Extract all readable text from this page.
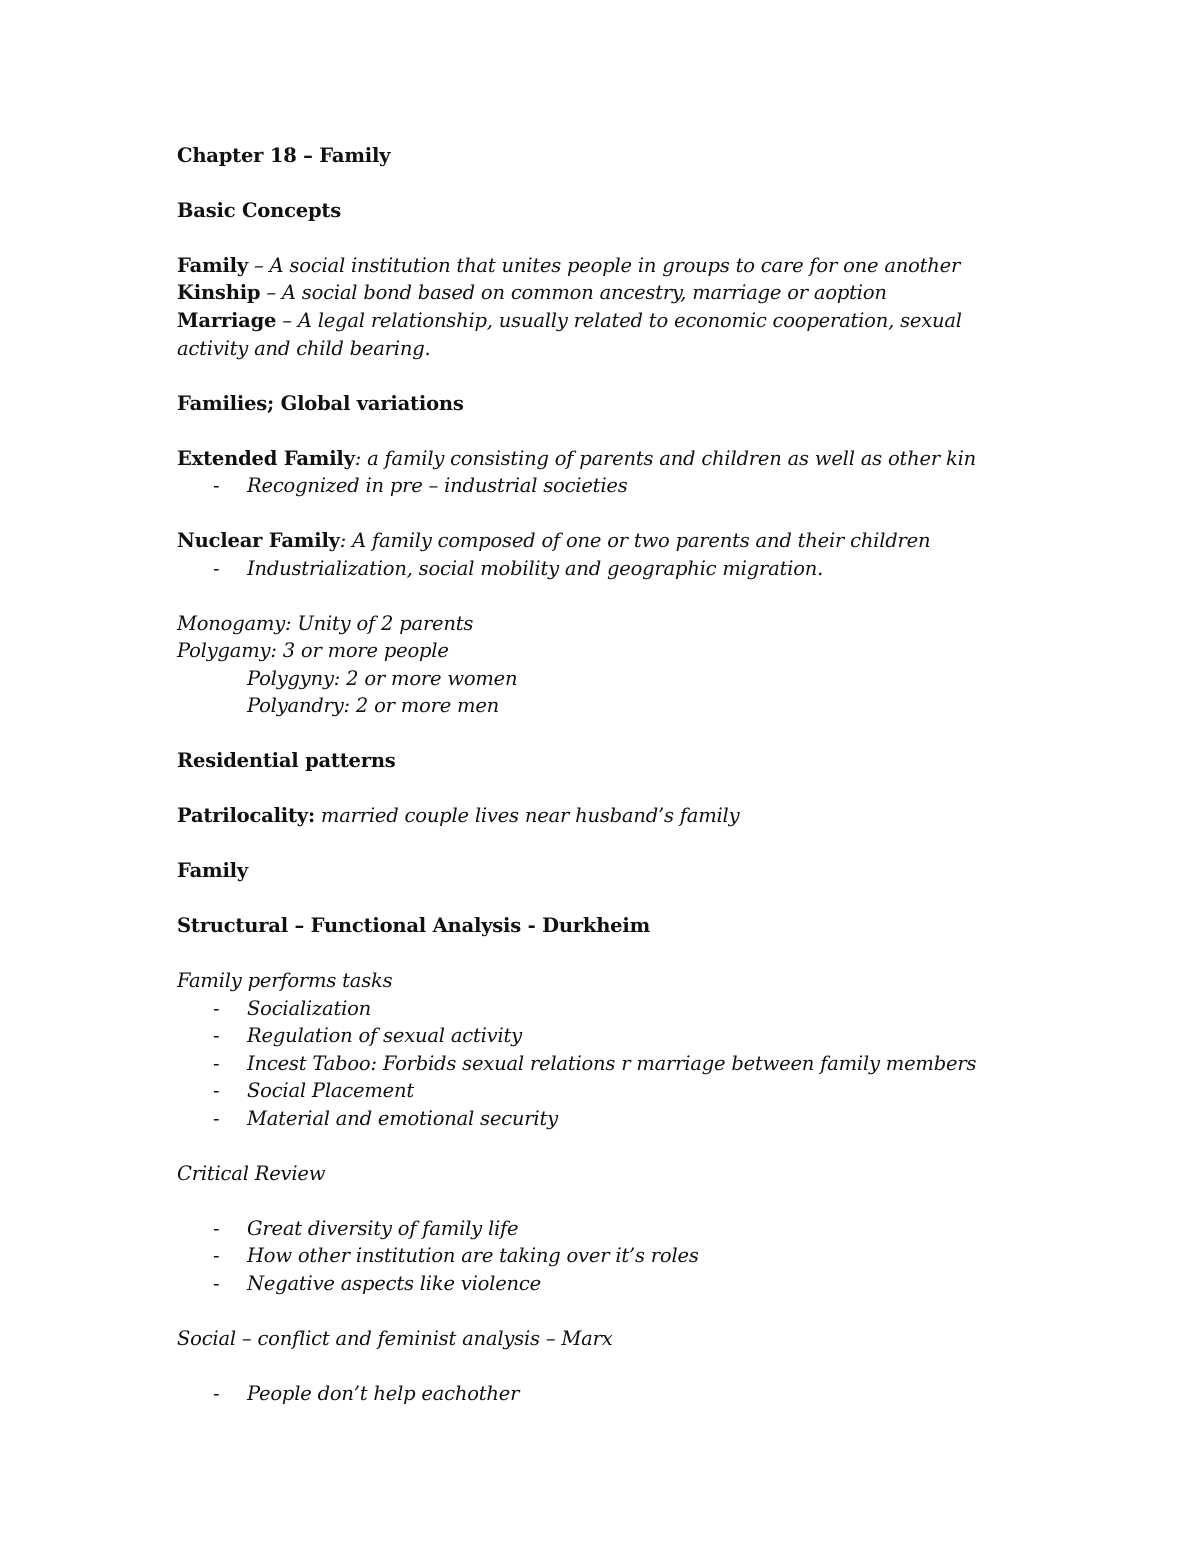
Chapter 18 – Family
Basic Concepts
Family – A social institution that unites people in groups to care for one another
Kinship – A social bond based on common ancestry, marriage or aoption
Marriage – A legal relationship, usually related to economic cooperation, sexual
activity and child bearing.
Families; Global variations
Extended Family: a family consisting of parents and children as well as other kin
- Recognized in pre – industrial societies
Nuclear Family: A family composed of one or two parents and their children
- Industrialization, social mobility and geographic migration.
Monogamy: Unity of 2 parents
Polygamy: 3 or more people
Polygyny: 2 or more women
Polyandry: 2 or more men
Residential patterns
Patrilocality: married couple lives near husband’s family
Family
Structural – Functional Analysis - Durkheim
Family performs tasks
- Socialization
- Regulation of sexual activity
- Incest Taboo: Forbids sexual relations r marriage between family members
- Social Placement
- Material and emotional security
Critical Review
- Great diversity of family life
- How other institution are taking over it’s roles
- Negative aspects like violence
Social – conflict and feminist analysis – Marx
- People don’t help eachother
